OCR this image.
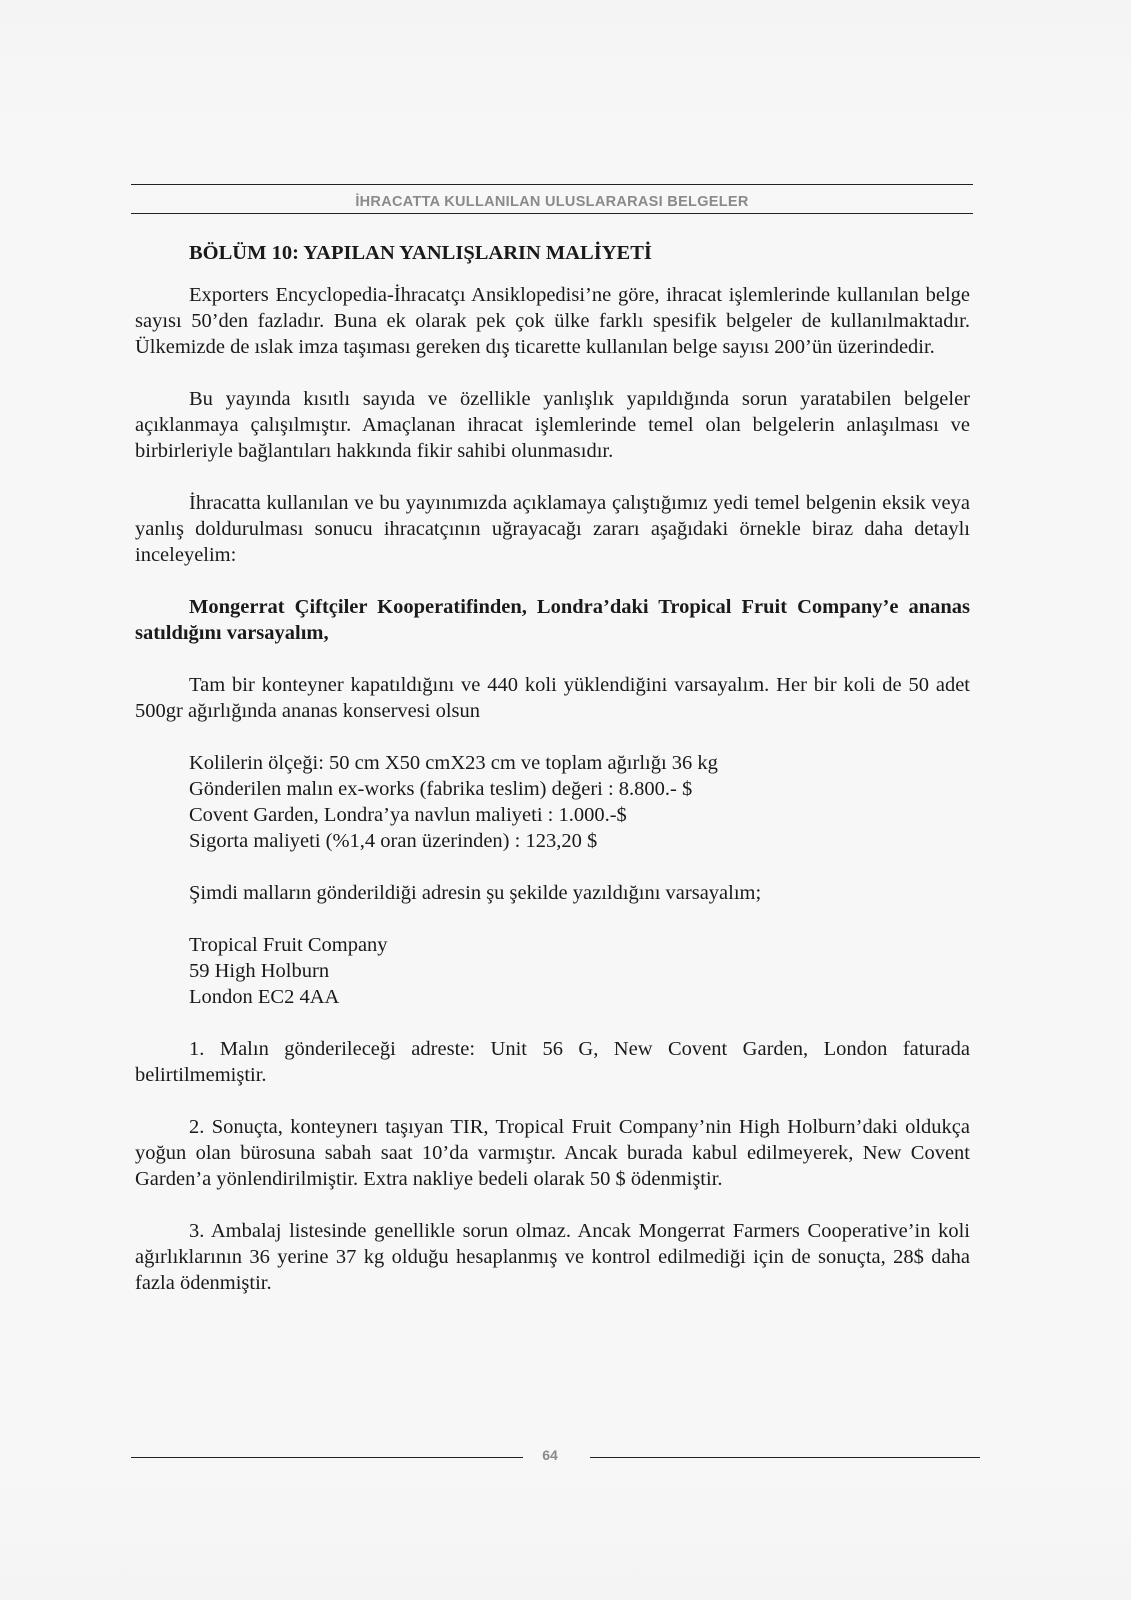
İHRACATTA KULLANILAN ULUSLARARASI BELGELER
BÖLÜM 10: YAPILAN YANLIŞLARIN MALİYETİ

Exporters Encyclopedia-İhracatçı Ansiklopedisi’ne göre, ihracat işlemlerinde kullanılan belge sayısı 50’den fazladır. Buna ek olarak pek çok ülke farklı spesifik belgeler de kullanılmaktadır. Ülkemizde de ıslak imza taşıması gereken dış ticarette kullanılan belge sayısı 200’ün üzerindedir.

Bu yayında kısıtlı sayıda ve özellikle yanlışlık yapıldığında sorun yaratabilen belgeler açıklanmaya çalışılmıştır. Amaçlanan ihracat işlemlerinde temel olan belgelerin anlaşılması ve birbirleriyle bağlantıları hakkında fikir sahibi olunmasıdır.

İhracatta kullanılan ve bu yayınımızda açıklamaya çalıştığımız yedi temel belgenin eksik veya yanlış doldurulması sonucu ihracatçının uğrayacağı zararı aşağıdaki örnekle biraz daha detaylı inceleyelim:

Mongerrat Çiftçiler Kooperatifinden, Londra’daki Tropical Fruit Company’e ananas satıldığını varsayalım,

Tam bir konteyner kapatıldığını ve 440 koli yüklendiğini varsayalım. Her bir koli de 50 adet 500gr ağırlığında ananas konservesi olsun

Kolilerin ölçeği: 50 cm X50 cmX23 cm ve toplam ağırlığı 36 kg
Gönderilen malın ex-works (fabrika teslim) değeri : 8.800.- $
Covent Garden, Londra’ya navlun maliyeti : 1.000.-$
Sigorta maliyeti (%1,4 oran üzerinden) : 123,20 $
Şimdi malların gönderildiği adresin şu şekilde yazıldığını varsayalım;
Tropical Fruit Company
59 High Holburn
London EC2 4AA

1. Malın gönderileceği adreste: Unit 56 G, New Covent Garden, London faturada belirtilmemiştir.

2. Sonuçta, konteynerı taşıyan TIR, Tropical Fruit Company’nin High Holburn’daki oldukça yoğun olan bürosuna sabah saat 10’da varmıştır. Ancak burada kabul edilmeyerek, New Covent Garden’a yönlendirilmiştir. Extra nakliye bedeli olarak 50 $ ödenmiştir.

3. Ambalaj listesinde genellikle sorun olmaz. Ancak Mongerrat Farmers Cooperative’in koli ağırlıklarının 36 yerine 37 kg olduğu hesaplanmış ve kontrol edilmediği için de sonuçta, 28$ daha fazla ödenmiştir.

64
